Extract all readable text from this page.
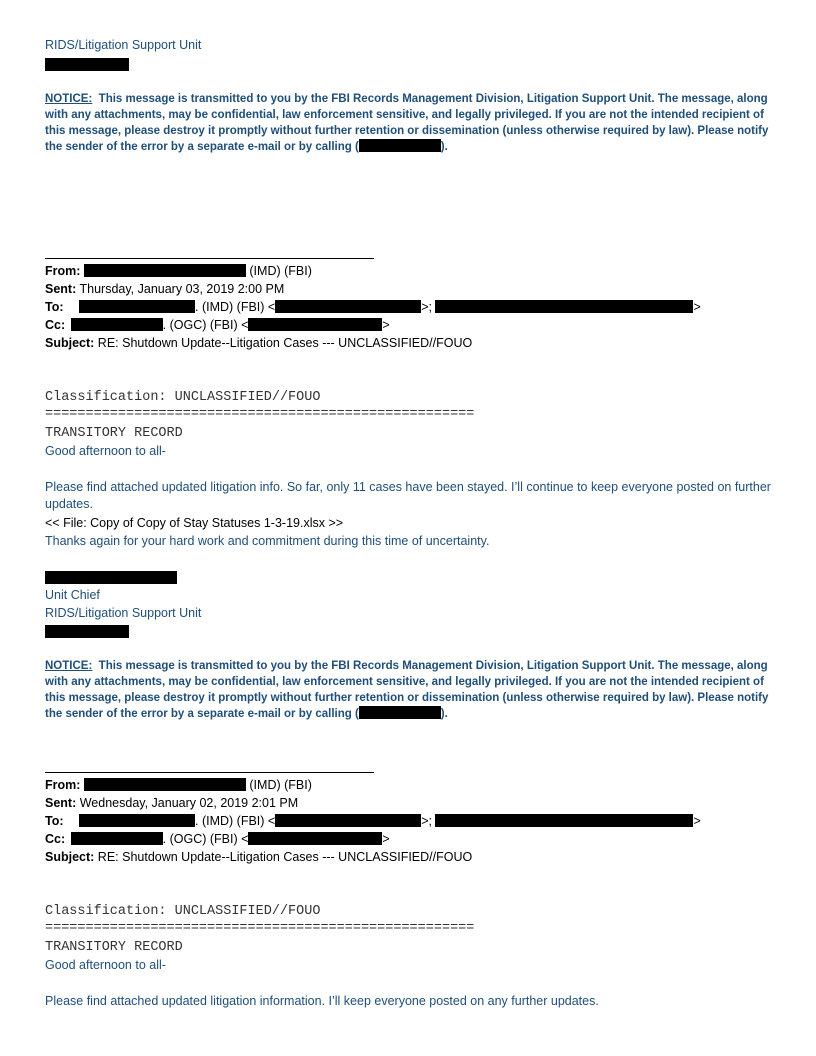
RIDS/Litigation Support Unit
NOTICE: This message is transmitted to you by the FBI Records Management Division, Litigation Support Unit. The message, along with any attachments, may be confidential, law enforcement sensitive, and legally privileged. If you are not the intended recipient of this message, please destroy it promptly without further retention or dissemination (unless otherwise required by law). Please notify the sender of the error by a separate e-mail or by calling (	).
From:	(IMD) (FBI)
Sent: Thursday, January 03, 2019 2:00 PM
To:	. (IMD) (FBI) <	>;	>
Cc:	. (OGC) (FBI) <	>
Subject: RE: Shutdown Update--Litigation Cases --- UNCLASSIFIED//FOUO
Classification: UNCLASSIFIED//FOUO
=====================================================
TRANSITORY RECORD
Good afternoon to all-
Please find attached updated litigation info. So far, only 11 cases have been stayed. I’ll continue to keep everyone posted on further updates.
<< File: Copy of Copy of Stay Statuses 1-3-19.xlsx >>
Thanks again for your hard work and commitment during this time of uncertainty.
Unit Chief
RIDS/Litigation Support Unit
NOTICE: This message is transmitted to you by the FBI Records Management Division, Litigation Support Unit. The message, along with any attachments, may be confidential, law enforcement sensitive, and legally privileged. If you are not the intended recipient of this message, please destroy it promptly without further retention or dissemination (unless otherwise required by law). Please notify the sender of the error by a separate e-mail or by calling (	).
From:	(IMD) (FBI)
Sent: Wednesday, January 02, 2019 2:01 PM
To:	. (IMD) (FBI) <	>;	>
Cc:	. (OGC) (FBI) <	>
Subject: RE: Shutdown Update--Litigation Cases --- UNCLASSIFIED//FOUO
Classification: UNCLASSIFIED//FOUO
=====================================================
TRANSITORY RECORD
Good afternoon to all-
Please find attached updated litigation information. I’ll keep everyone posted on any further updates.
